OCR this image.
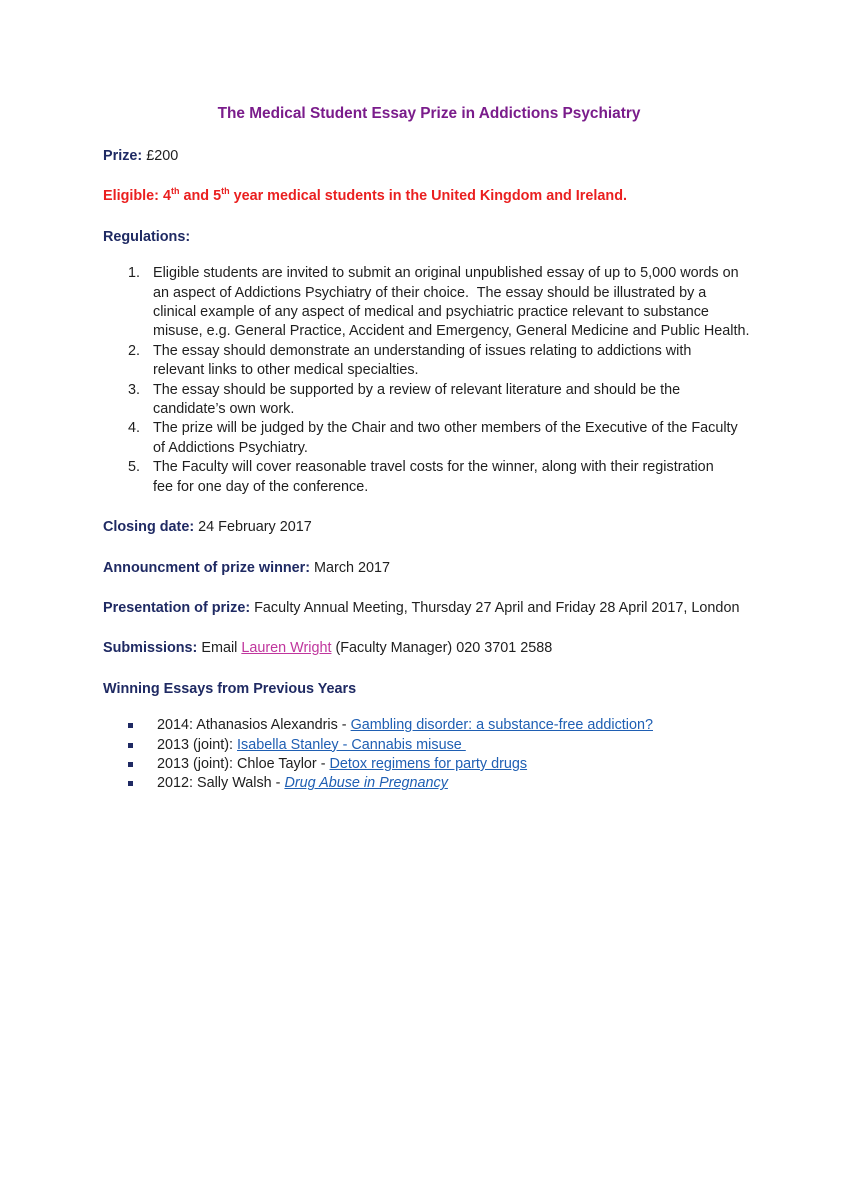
The Medical Student Essay Prize in Addictions Psychiatry

Prize: £200

Eligible: 4th and 5th year medical students in the United Kingdom and Ireland.

Regulations:

1. Eligible students are invited to submit an original unpublished essay of up to 5,000 words on
an aspect of Addictions Psychiatry of their choice.  The essay should be illustrated by a
clinical example of any aspect of medical and psychiatric practice relevant to substance
misuse, e.g. General Practice, Accident and Emergency, General Medicine and Public Health.
2. The essay should demonstrate an understanding of issues relating to addictions with
relevant links to other medical specialties.
3. The essay should be supported by a review of relevant literature and should be the
candidate’s own work.
4. The prize will be judged by the Chair and two other members of the Executive of the Faculty
of Addictions Psychiatry.
5. The Faculty will cover reasonable travel costs for the winner, along with their registration
fee for one day of the conference.

Closing date: 24 February 2017

Announcment of prize winner: March 2017

Presentation of prize: Faculty Annual Meeting, Thursday 27 April and Friday 28 April 2017, London

Submissions: Email Lauren Wright (Faculty Manager) 020 3701 2588

Winning Essays from Previous Years

2014: Athanasios Alexandris - Gambling disorder: a substance-free addiction?
2013 (joint): Isabella Stanley - Cannabis misuse
2013 (joint): Chloe Taylor - Detox regimens for party drugs
2012: Sally Walsh - Drug Abuse in Pregnancy
